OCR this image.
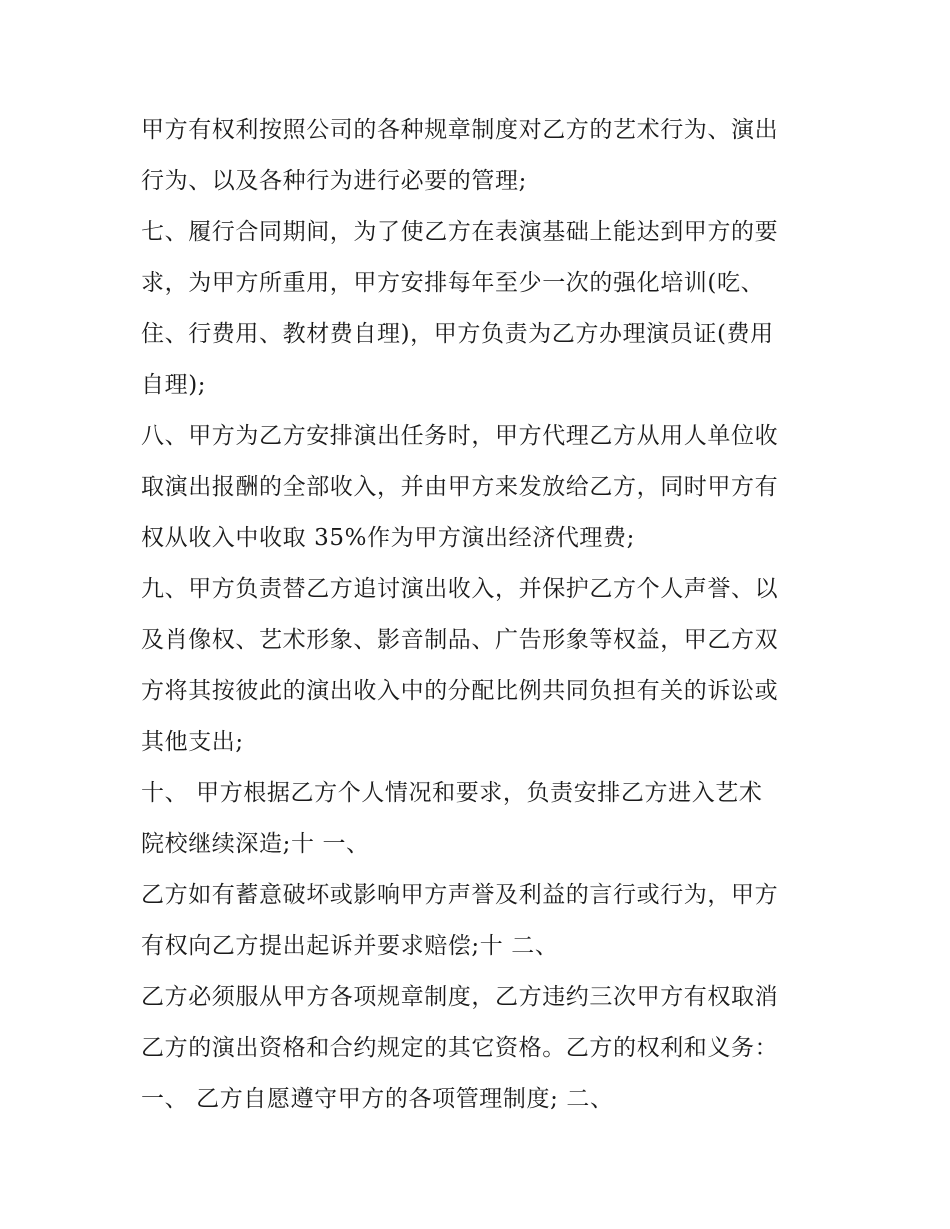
甲方有权利按照公司的各种规章制度对乙方的艺术行为、演出
行为、以及各种行为进行必要的管理;
七、履行合同期间，为了使乙方在表演基础上能达到甲方的要
求，为甲方所重用，甲方安排每年至少一次的强化培训(吃、
住、行费用、教材费自理)，甲方负责为乙方办理演员证(费用
自理);
八、甲方为乙方安排演出任务时，甲方代理乙方从用人单位收
取演出报酬的全部收入，并由甲方来发放给乙方，同时甲方有
权从收入中收取 35%作为甲方演出经济代理费;
九、甲方负责替乙方追讨演出收入，并保护乙方个人声誉、以
及肖像权、艺术形象、影音制品、广告形象等权益，甲乙方双
方将其按彼此的演出收入中的分配比例共同负担有关的诉讼或
其他支出;
十、 甲方根据乙方个人情况和要求，负责安排乙方进入艺术
院校继续深造;十 一、
乙方如有蓄意破坏或影响甲方声誉及利益的言行或行为，甲方
有权向乙方提出起诉并要求赔偿;十 二、
乙方必须服从甲方各项规章制度，乙方违约三次甲方有权取消
乙方的演出资格和合约规定的其它资格。乙方的权利和义务：
一、 乙方自愿遵守甲方的各项管理制度; 二、
